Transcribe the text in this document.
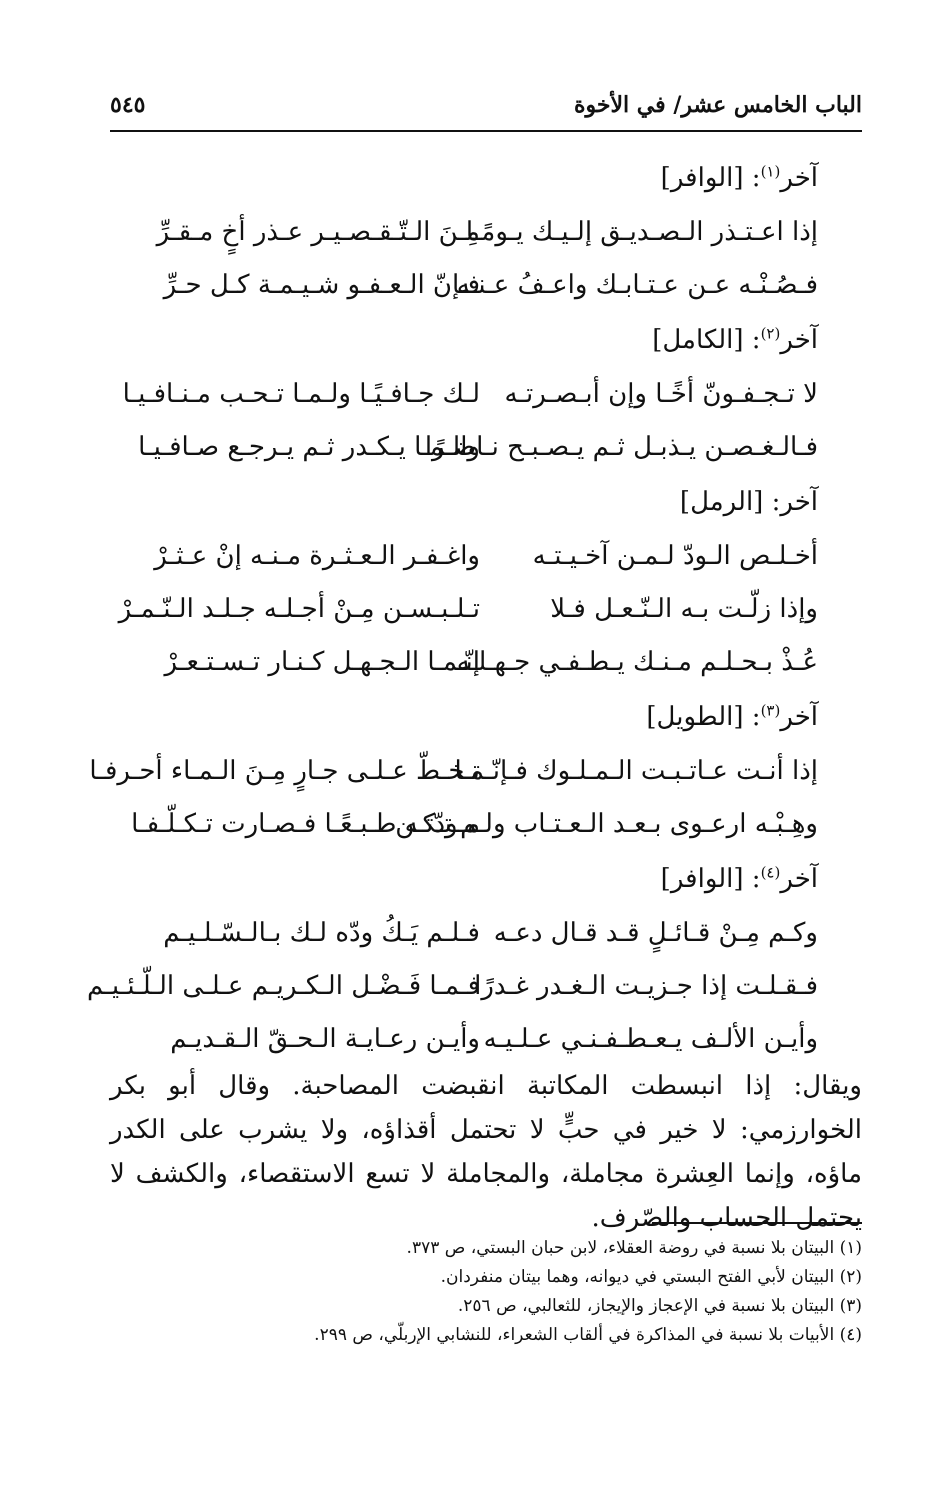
الباب الخامس عشر/ في الأخوة
٥٤٥
آخر$^{(١)}$: [الوافر]
إذا اعـتـذر الـصـديـق إلـيـك يـومًـا
مِـنَ الـتّـقـصـيـر عـذر أخٍ مـقـرِّ
فـصُـنْـه عـن عـتـابـك واعـفُ عـنـه
فـإنّ الـعـفـو شـيـمـة كـل حـرِّ
آخر$^{(٢)}$: [الكامل]
لا تـجـفـونّ أخًـا وإن أبـصـرتـه
لـك جـافـيًـا ولـمـا تـحـب مـنـافـيـا
فـالـغـصـن يـذبـل ثـم يـصـبـح نـاضـرًا
والـمـا يـكـدر ثـم يـرجـع صـافـيـا
آخر: [الرمل]
أخـلـص الـودّ لـمـن آخـيـتـه
واغـفـر الـعـثـرة مـنـه إنْ عـثـرْ
وإذا زلّـت بـه الـنّـعـل فـلا
تـلـبـسـن مِـنْ أجـلـه جـلـد الـنّـمـرْ
عُـذْ بـحـلـم مـنـك يـطـفـي جـهـلـه
إنّـمـا الـجـهـل كـنـار تـسـتـعـرْ
آخر$^{(٣)}$: [الطويل]
إذا أنـت عـاتـبـت الـمـلـوك فـإنّـمـا
تـخـطّ عـلـى جـارٍ مِـنَ الـمـاء أحـرفـا
وهِـبْـه ارعـوى بـعـد الـعـتـاب ولـم تـكـن
مـودّتـه طـبـعًـا فـصـارت تـكـلّـفـا
آخر$^{(٤)}$: [الوافر]
وكـم مِـنْ قـائـلٍ قـد قـال دعـه
فـلـم يَـكُ ودّه لـك بـالـسّـلـيـم
فـقـلـت إذا جـزيـت الـغـدر غـدرًا
فـمـا فَـضْـل الـكـريـم عـلـى الـلّـئـيـم
وأيـن الألـف يـعـطـفـنـي عـلـيـه
وأيـن رعـايـة الـحـقّ الـقـديـم

ويقال: إذا انبسطت المكاتبة انقبضت المصاحبة. وقال أبو بكر الخوارزمي: لا خير في حبٍّ لا تحتمل أقذاؤه، ولا يشرب على الكدر ماؤه، وإنما العِشرة مجاملة، والمجاملة لا تسع الاستقصاء، والكشف لا يحتمل الحساب والصّرف.

(١) البيتان بلا نسبة في روضة العقلاء، لابن حبان البستي، ص ٣٧٣.

(٢) البيتان لأبي الفتح البستي في ديوانه، وهما بيتان منفردان.

(٣) البيتان بلا نسبة في الإعجاز والإيجاز، للثعالبي، ص ٢٥٦.

(٤) الأبيات بلا نسبة في المذاكرة في ألقاب الشعراء، للنشابي الإربلّي، ص ٢٩٩.
